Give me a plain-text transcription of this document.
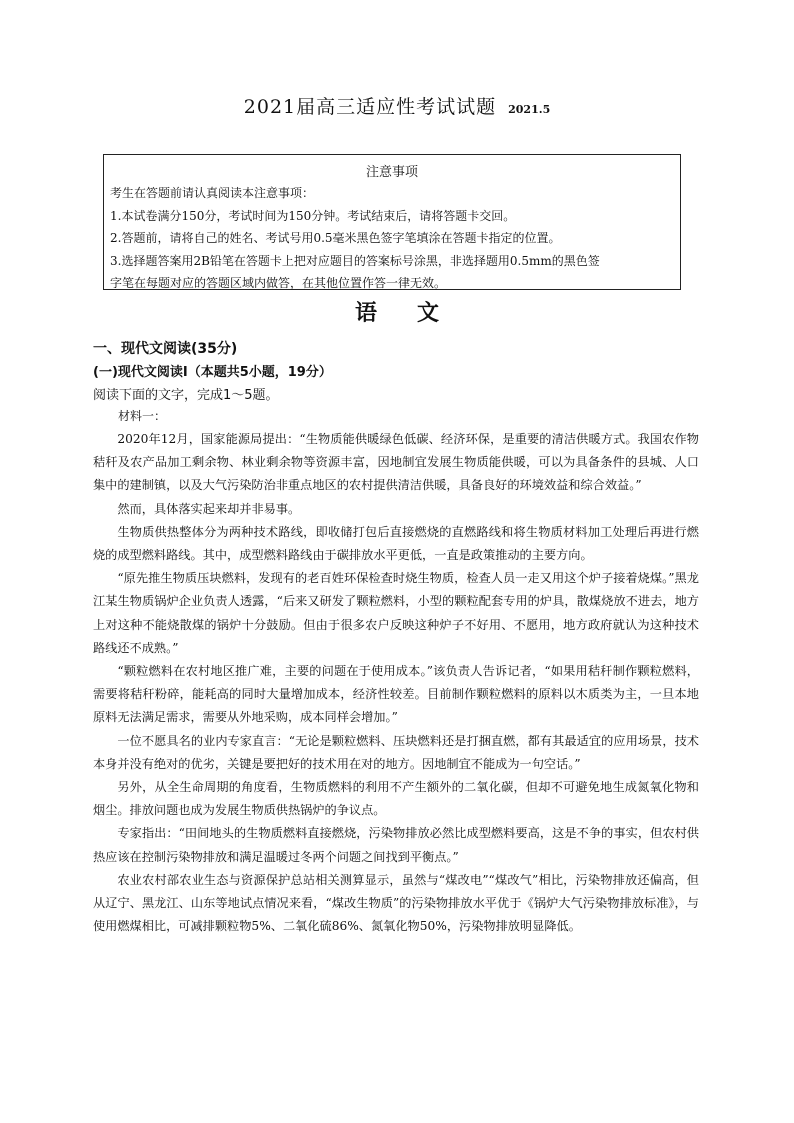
2021届高三适应性考试试题 2021.5
注意事项
考生在答题前请认真阅读本注意事项：
1.本试卷满分150分，考试时间为150分钟。考试结束后，请将答题卡交回。
2.答题前，请将自己的姓名、考试号用0.5毫米黑色签字笔填涂在答题卡指定的位置。
3.选择题答案用2B铅笔在答题卡上把对应题目的答案标号涂黑，非选择题用0.5mm的黑色签
字笔在每题对应的答题区域内做答，在其他位置作答一律无效。
语文
一、现代文阅读(35分)
(一)现代文阅读Ⅰ（本题共5小题，19分）
阅读下面的文字，完成1～5题。
材料一：

2020年12月，国家能源局提出：“生物质能供暖绿色低碳、经济环保，是重要的清洁供暖方式。我国农作物秸秆及农产品加工剩余物、林业剩余物等资源丰富，因地制宜发展生物质能供暖，可以为具备条件的县城、人口集中的建制镇，以及大气污染防治非重点地区的农村提供清洁供暖，具备良好的环境效益和综合效益。”

然而，具体落实起来却并非易事。

生物质供热整体分为两种技术路线，即收储打包后直接燃烧的直燃路线和将生物质材料加工处理后再进行燃烧的成型燃料路线。其中，成型燃料路线由于碳排放水平更低，一直是政策推动的主要方向。

“原先推生物质压块燃料，发现有的老百姓环保检查时烧生物质，检查人员一走又用这个炉子接着烧煤。”黑龙江某生物质锅炉企业负责人透露，“后来又研发了颗粒燃料，小型的颗粒配套专用的炉具，散煤烧放不进去，地方上对这种不能烧散煤的锅炉十分鼓励。但由于很多农户反映这种炉子不好用、不愿用，地方政府就认为这种技术路线还不成熟。”

“颗粒燃料在农村地区推广难，主要的问题在于使用成本。”该负责人告诉记者，“如果用秸秆制作颗粒燃料，需要将秸秆粉碎，能耗高的同时大量增加成本，经济性较差。目前制作颗粒燃料的原料以木质类为主，一旦本地原料无法满足需求，需要从外地采购，成本同样会增加。”

一位不愿具名的业内专家直言：“无论是颗粒燃料、压块燃料还是打捆直燃，都有其最适宜的应用场景，技术本身并没有绝对的优劣，关键是要把好的技术用在对的地方。因地制宜不能成为一句空话。”

另外，从全生命周期的角度看，生物质燃料的利用不产生额外的二氧化碳，但却不可避免地生成氮氧化物和烟尘。排放问题也成为发展生物质供热锅炉的争议点。

专家指出：“田间地头的生物质燃料直接燃烧，污染物排放必然比成型燃料要高，这是不争的事实，但农村供热应该在控制污染物排放和满足温暖过冬两个问题之间找到平衡点。”

农业农村部农业生态与资源保护总站相关测算显示，虽然与“煤改电”“煤改气”相比，污染物排放还偏高，但从辽宁、黑龙江、山东等地试点情况来看，“煤改生物质”的污染物排放水平优于《锅炉大气污染物排放标准》，与使用燃煤相比，可减排颗粒物5%、二氧化硫86%、氮氧化物50%，污染物排放明显降低。
